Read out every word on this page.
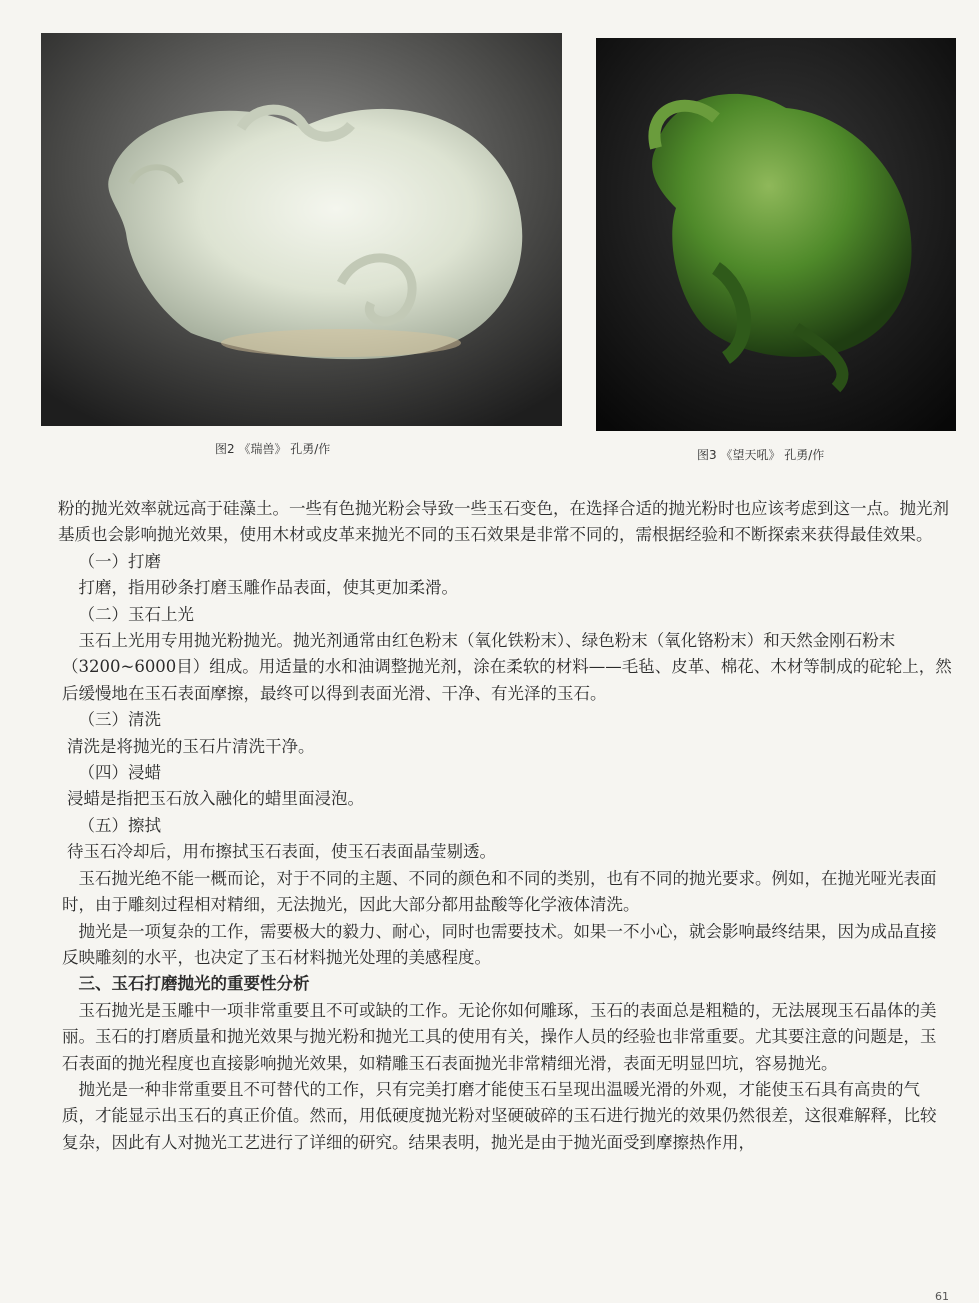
图2 《瑞兽》 孔勇/作	图3 《望天吼》 孔勇/作

粉的抛光效率就远高于硅藻土。一些有色抛光粉会导致一些玉石变色，在选择合适的抛光粉时也应该考虑到这一点。抛光剂基质也会影响抛光效果，使用木材或皮革来抛光不同的玉石效果是非常不同的，需根据经验和不断探索来获得最佳效果。

（一）打磨

打磨，指用砂条打磨玉雕作品表面，使其更加柔滑。

（二）玉石上光

玉石上光用专用抛光粉抛光。抛光剂通常由红色粉末（氧化铁粉末）、绿色粉末（氧化铬粉末）和天然金刚石粉末（3200~6000目）组成。用适量的水和油调整抛光剂，涂在柔软的材料——毛毡、皮革、棉花、木材等制成的砣轮上，然后缓慢地在玉石表面摩擦，最终可以得到表面光滑、干净、有光泽的玉石。

（三）清洗

清洗是将抛光的玉石片清洗干净。

（四）浸蜡

浸蜡是指把玉石放入融化的蜡里面浸泡。

（五）擦拭

待玉石冷却后，用布擦拭玉石表面，使玉石表面晶莹剔透。

玉石抛光绝不能一概而论，对于不同的主题、不同的颜色和不同的类别，也有不同的抛光要求。例如，在抛光哑光表面时，由于雕刻过程相对精细，无法抛光，因此大部分都用盐酸等化学液体清洗。

抛光是一项复杂的工作，需要极大的毅力、耐心，同时也需要技术。如果一不小心，就会影响最终结果，因为成品直接反映雕刻的水平，也决定了玉石材料抛光处理的美感程度。

三、玉石打磨抛光的重要性分析

玉石抛光是玉雕中一项非常重要且不可或缺的工作。无论你如何雕琢，玉石的表面总是粗糙的，无法展现玉石晶体的美丽。玉石的打磨质量和抛光效果与抛光粉和抛光工具的使用有关，操作人员的经验也非常重要。尤其要注意的问题是，玉石表面的抛光程度也直接影响抛光效果，如精雕玉石表面抛光非常精细光滑，表面无明显凹坑，容易抛光。

抛光是一种非常重要且不可替代的工作，只有完美打磨才能使玉石呈现出温暖光滑的外观，才能使玉石具有高贵的气质，才能显示出玉石的真正价值。然而，用低硬度抛光粉对坚硬破碎的玉石进行抛光的效果仍然很差，这很难解释，比较复杂，因此有人对抛光工艺进行了详细的研究。结果表明，抛光是由于抛光面受到摩擦热作用，

61
